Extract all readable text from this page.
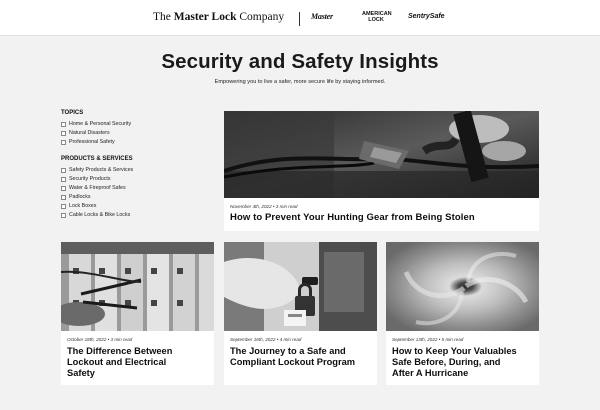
The Master Lock Company	Master	AMERICAN
LOCK	SentrySafe
Security and Safety Insights

Empowering you to live a safer, more secure life by staying informed.

TOPICS
Home & Personal Security
Natural Disasters
Professional Safety
PRODUCTS & SERVICES
Safety Products & Services
Security Products
Water & Fireproof Safes
Padlocks
Lock Boxes
Cable Locks & Bike Locks
November 4th, 2022 • 3 min read
How to Prevent Your Hunting Gear from Being Stolen
October 18th, 2022 • 3 min read
The Difference Between
Lockout and Electrical
Safety
September 16th, 2022 • 4 min read
The Journey to a Safe and
Compliant Lockout Program
September 13th, 2022 • 5 min read
How to Keep Your Valuables
Safe Before, During, and
After A Hurricane
